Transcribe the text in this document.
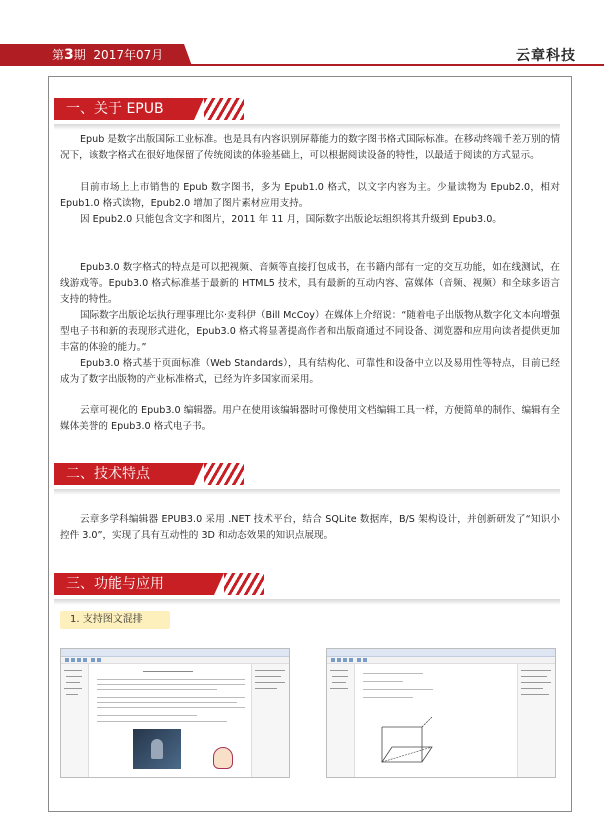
第3期 2017年07月	云章科技
一、关于 EPUB
Epub 是数字出版国际工业标准。也是具有内容识别屏幕能力的数字图书格式国际标准。在移动终端千差万别的情况下，该数字格式在很好地保留了传统阅读的体验基础上，可以根据阅读设备的特性，以最适于阅读的方式显示。
目前市场上上市销售的 Epub 数字图书，多为 Epub1.0 格式，以文字内容为主。少量读物为 Epub2.0，相对 Epub1.0 格式读物，Epub2.0 增加了图片素材应用支持。
因 Epub2.0 只能包含文字和图片，2011 年 11 月，国际数字出版论坛组织将其升级到 Epub3.0。
Epub3.0 数字格式的特点是可以把视频、音频等直接打包成书，在书籍内部有一定的交互功能，如在线测试，在线游戏等。Epub3.0 格式标准基于最新的 HTML5 技术，具有最新的互动内容、富媒体（音频、视频）和全球多语言支持的特性。
国际数字出版论坛执行理事理比尔·麦科伊（Bill McCoy）在媒体上介绍说：“随着电子出版物从数字化文本向增强型电子书和新的表现形式进化，Epub3.0 格式将显著提高作者和出版商通过不同设备、浏览器和应用向读者提供更加丰富的体验的能力。”
Epub3.0 格式基于页面标准（Web Standards），具有结构化、可靠性和设备中立以及易用性等特点，目前已经成为了数字出版物的产业标准格式，已经为许多国家而采用。
云章可视化的 Epub3.0 编辑器。用户在使用该编辑器时可像使用文档编辑工具一样，方便简单的制作、编辑有全媒体美誉的 Epub3.0 格式电子书。
二、技术特点
云章多学科编辑器 EPUB3.0 采用 .NET 技术平台，结合 SQLite 数据库，B/S 架构设计，并创新研发了“知识小控件 3.0”，实现了具有互动性的 3D 和动态效果的知识点展现。
三、功能与应用
1. 支持图文混排
